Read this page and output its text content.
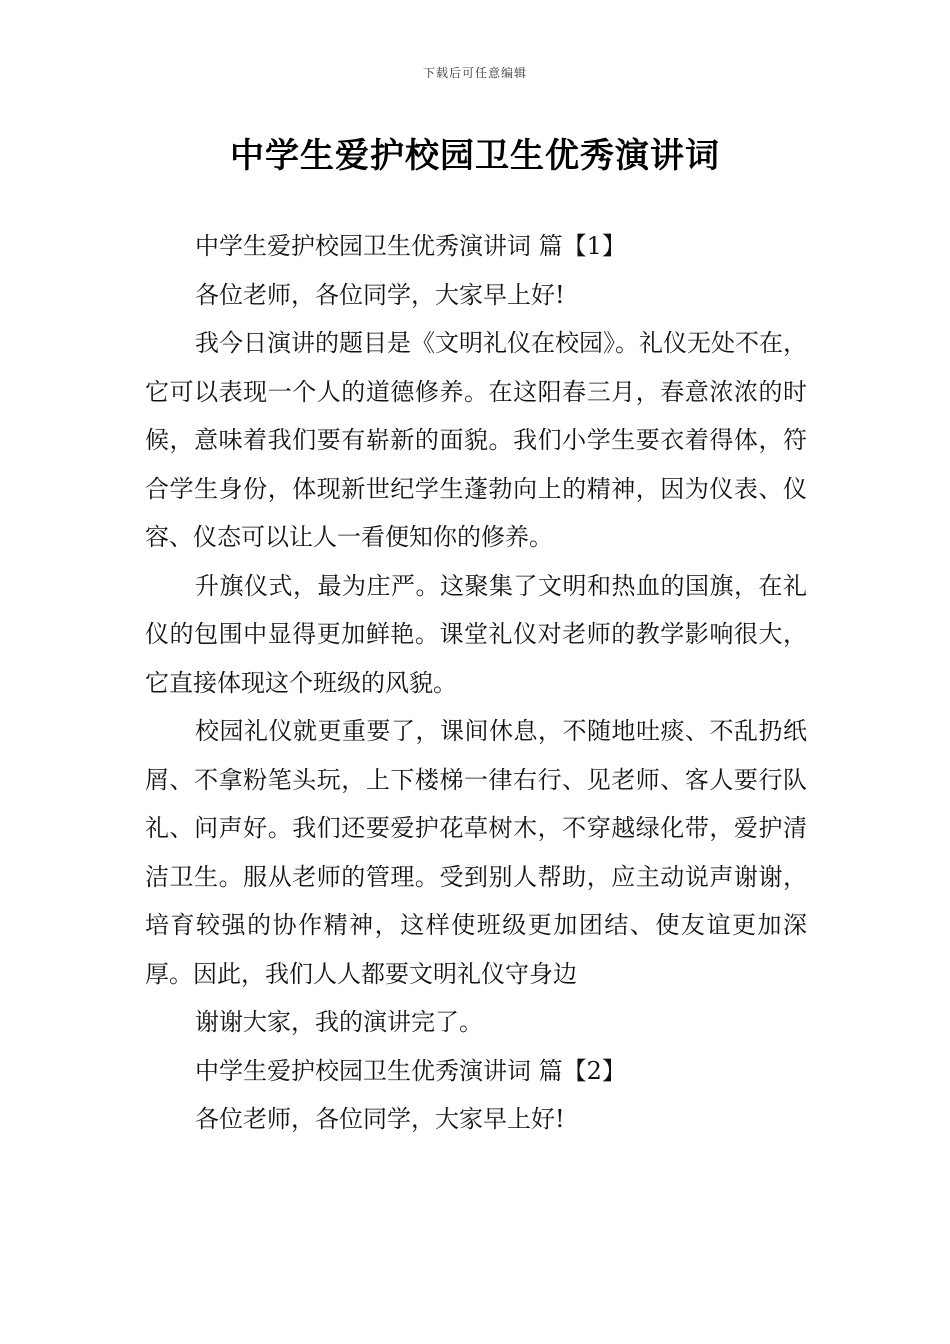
下载后可任意编辑
中学生爱护校园卫生优秀演讲词

中学生爱护校园卫生优秀演讲词 篇【1】

各位老师，各位同学，大家早上好!

我今日演讲的题目是《文明礼仪在校园》。礼仪无处不在，它可以表现一个人的道德修养。在这阳春三月，春意浓浓的时候，意味着我们要有崭新的面貌。我们小学生要衣着得体，符合学生身份，体现新世纪学生蓬勃向上的精神，因为仪表、仪容、仪态可以让人一看便知你的修养。

升旗仪式，最为庄严。这聚集了文明和热血的国旗，在礼仪的包围中显得更加鲜艳。课堂礼仪对老师的教学影响很大，它直接体现这个班级的风貌。

校园礼仪就更重要了，课间休息，不随地吐痰、不乱扔纸屑、不拿粉笔头玩，上下楼梯一律右行、见老师、客人要行队礼、问声好。我们还要爱护花草树木，不穿越绿化带，爱护清洁卫生。服从老师的管理。受到别人帮助，应主动说声谢谢，培育较强的协作精神，这样使班级更加团结、使友谊更加深厚。因此，我们人人都要文明礼仪守身边

谢谢大家，我的演讲完了。

中学生爱护校园卫生优秀演讲词 篇【2】

各位老师，各位同学，大家早上好!
